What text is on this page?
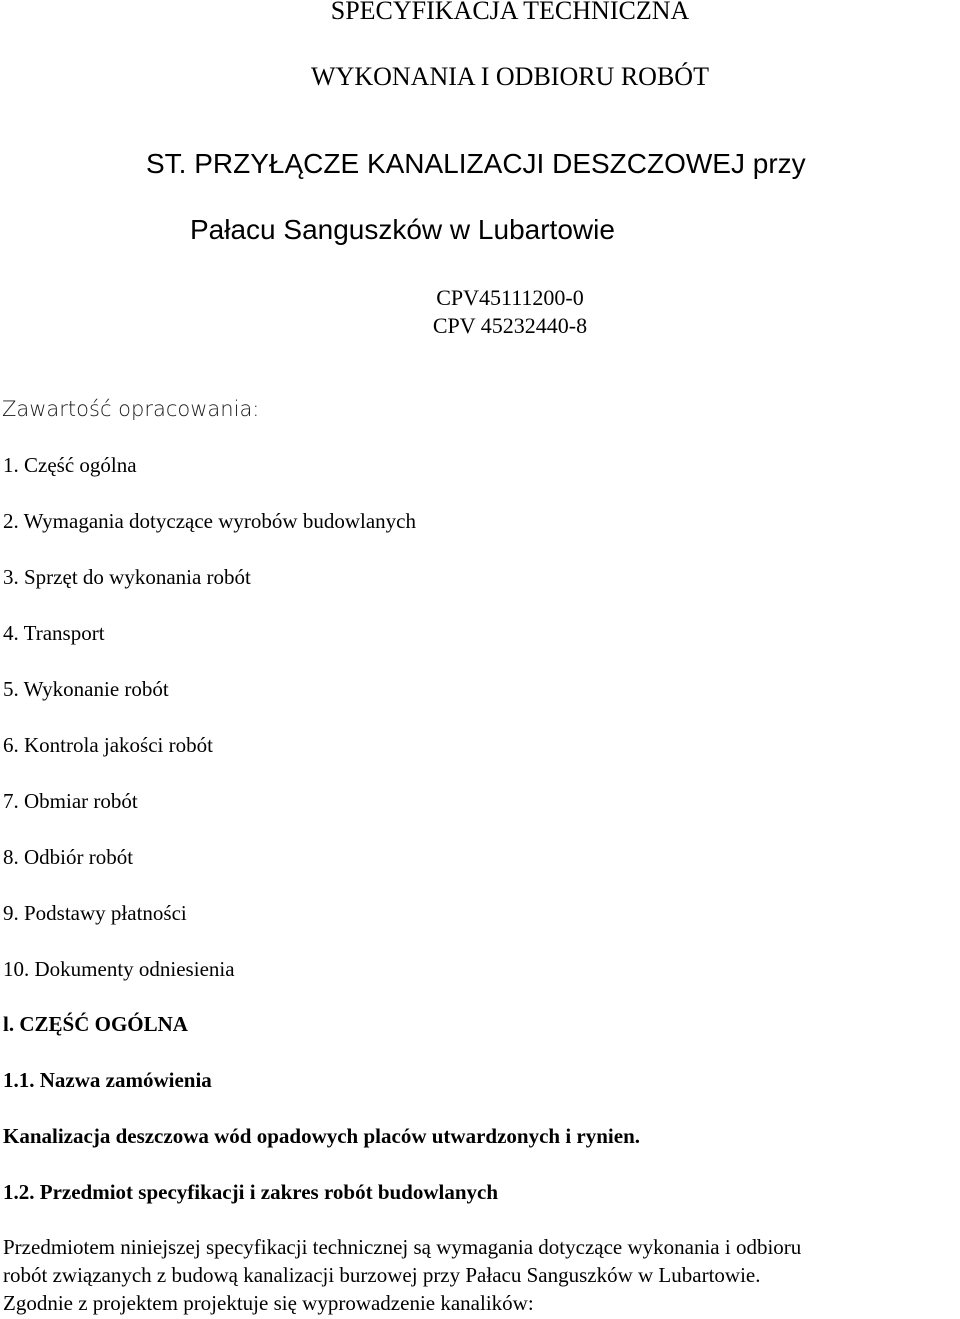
SPECYFIKACJA TECHNICZNA

WYKONANIA I ODBIORU ROBÓT

ST. PRZYŁĄCZE KANALIZACJI DESZCZOWEJ przy

Pałacu Sanguszków w Lubartowie

CPV45111200-0

CPV 45232440-8

Zawartość opracowania:

1. Część ogólna

2. Wymagania dotyczące wyrobów budowlanych

3. Sprzęt do wykonania robót

4. Transport

5. Wykonanie robót

6. Kontrola jakości robót

7. Obmiar robót

8. Odbiór robót

9. Podstawy płatności

10. Dokumenty odniesienia

l. CZĘŚĆ OGÓLNA

1.1. Nazwa zamówienia

Kanalizacja deszczowa wód opadowych placów utwardzonych i rynien.

1.2. Przedmiot specyfikacji i zakres robót budowlanych

Przedmiotem niniejszej specyfikacji technicznej są wymagania dotyczące wykonania i odbioru

robót związanych z budową kanalizacji burzowej przy Pałacu Sanguszków w Lubartowie.

Zgodnie z projektem projektuje się wyprowadzenie kanalików:
